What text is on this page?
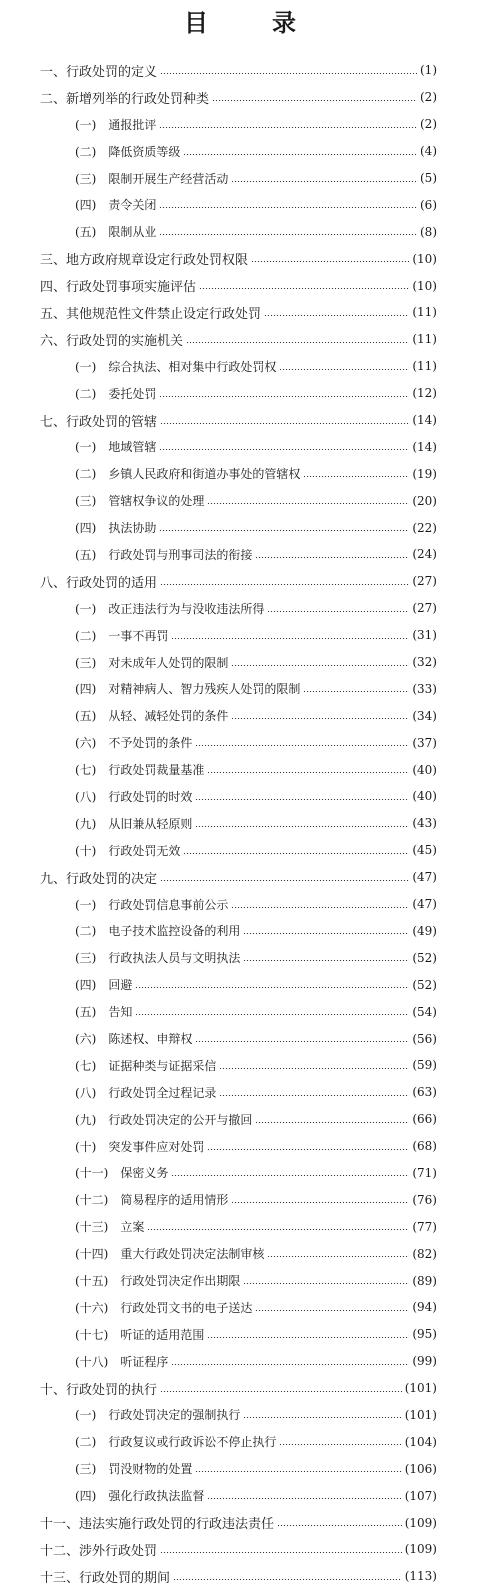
目　录
一、行政处罚的定义	(1)
二、新增列举的行政处罚种类	(2)
(一)　通报批评	(2)
(二)　降低资质等级	(4)
(三)　限制开展生产经营活动	(5)
(四)　责令关闭	(6)
(五)　限制从业	(8)
三、地方政府规章设定行政处罚权限	(10)
四、行政处罚事项实施评估	(10)
五、其他规范性文件禁止设定行政处罚	(11)
六、行政处罚的实施机关	(11)
(一)　综合执法、相对集中行政处罚权	(11)
(二)　委托处罚	(12)
七、行政处罚的管辖	(14)
(一)　地域管辖	(14)
(二)　乡镇人民政府和街道办事处的管辖权	(19)
(三)　管辖权争议的处理	(20)
(四)　执法协助	(22)
(五)　行政处罚与刑事司法的衔接	(24)
八、行政处罚的适用	(27)
(一)　改正违法行为与没收违法所得	(27)
(二)　一事不再罚	(31)
(三)　对未成年人处罚的限制	(32)
(四)　对精神病人、智力残疾人处罚的限制	(33)
(五)　从轻、减轻处罚的条件	(34)
(六)　不予处罚的条件	(37)
(七)　行政处罚裁量基准	(40)
(八)　行政处罚的时效	(40)
(九)　从旧兼从轻原则	(43)
(十)　行政处罚无效	(45)
九、行政处罚的决定	(47)
(一)　行政处罚信息事前公示	(47)
(二)　电子技术监控设备的利用	(49)
(三)　行政执法人员与文明执法	(52)
(四)　回避	(52)
(五)　告知	(54)
(六)　陈述权、申辩权	(56)
(七)　证据种类与证据采信	(59)
(八)　行政处罚全过程记录	(63)
(九)　行政处罚决定的公开与撤回	(66)
(十)　突发事件应对处罚	(68)
(十一)　保密义务	(71)
(十二)　简易程序的适用情形	(76)
(十三)　立案	(77)
(十四)　重大行政处罚决定法制审核	(82)
(十五)　行政处罚决定作出期限	(89)
(十六)　行政处罚文书的电子送达	(94)
(十七)　听证的适用范围	(95)
(十八)　听证程序	(99)
十、行政处罚的执行	(101)
(一)　行政处罚决定的强制执行	(101)
(二)　行政复议或行政诉讼不停止执行	(104)
(三)　罚没财物的处置	(106)
(四)　强化行政执法监督	(107)
十一、违法实施行政处罚的行政违法责任	(109)
十二、涉外行政处罚	(109)
十三、行政处罚的期间	(113)
